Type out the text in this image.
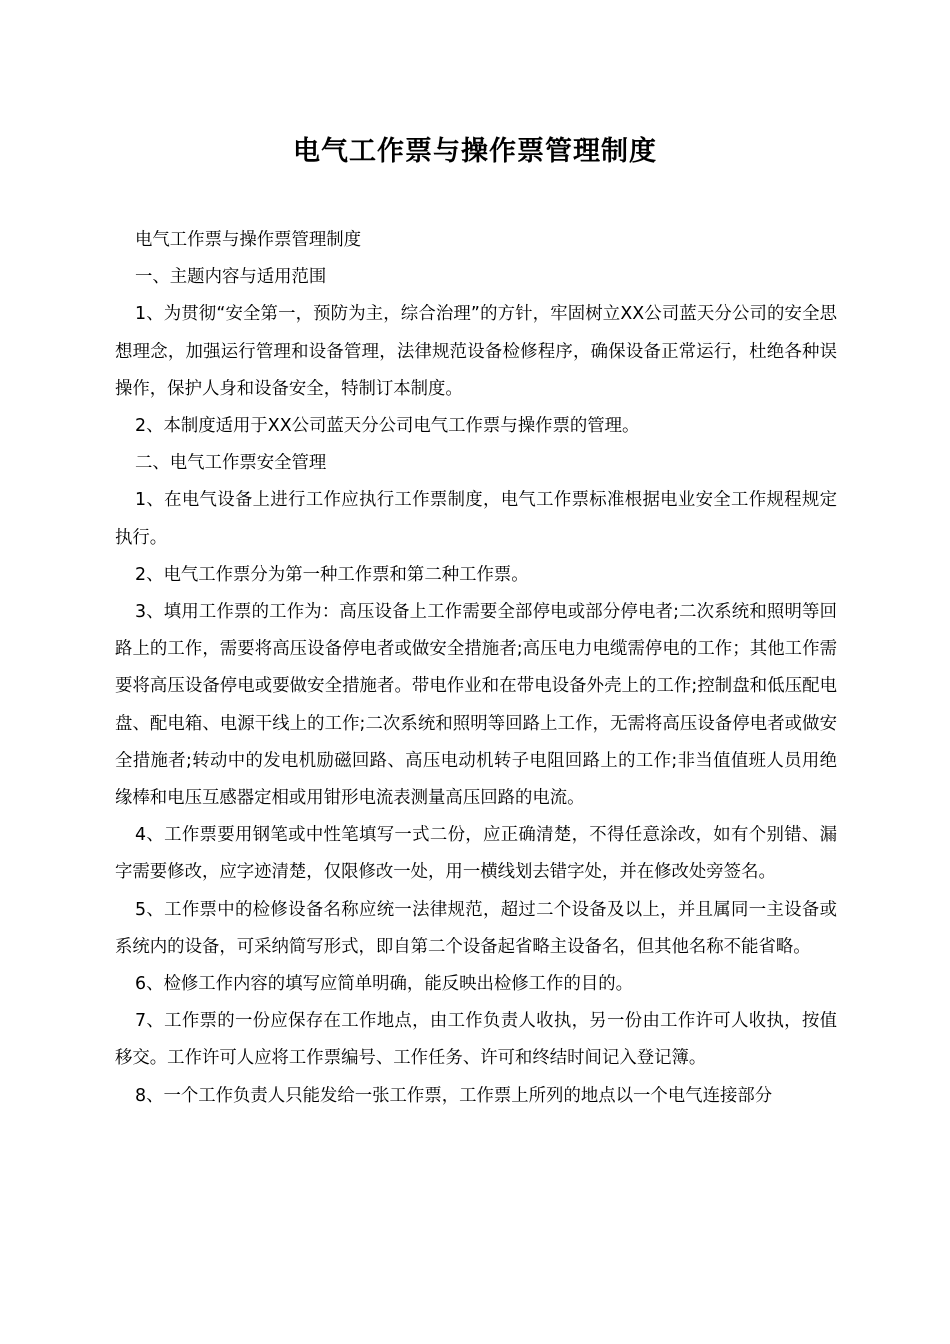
电气工作票与操作票管理制度

电气工作票与操作票管理制度

一、主题内容与适用范围

1、为贯彻“安全第一，预防为主，综合治理”的方针，牢固树立XX公司蓝天分公司的安全思想理念，加强运行管理和设备管理，法律规范设备检修程序，确保设备正常运行，杜绝各种误操作，保护人身和设备安全，特制订本制度。

2、本制度适用于XX公司蓝天分公司电气工作票与操作票的管理。

二、电气工作票安全管理

1、在电气设备上进行工作应执行工作票制度，电气工作票标准根据电业安全工作规程规定执行。

2、电气工作票分为第一种工作票和第二种工作票。

3、填用工作票的工作为：高压设备上工作需要全部停电或部分停电者;二次系统和照明等回路上的工作，需要将高压设备停电者或做安全措施者;高压电力电缆需停电的工作；其他工作需要将高压设备停电或要做安全措施者。带电作业和在带电设备外壳上的工作;控制盘和低压配电盘、配电箱、电源干线上的工作;二次系统和照明等回路上工作，无需将高压设备停电者或做安全措施者;转动中的发电机励磁回路、高压电动机转子电阻回路上的工作;非当值值班人员用绝缘棒和电压互感器定相或用钳形电流表测量高压回路的电流。

4、工作票要用钢笔或中性笔填写一式二份，应正确清楚，不得任意涂改，如有个别错、漏字需要修改，应字迹清楚，仅限修改一处，用一横线划去错字处，并在修改处旁签名。

5、工作票中的检修设备名称应统一法律规范，超过二个设备及以上，并且属同一主设备或系统内的设备，可采纳简写形式，即自第二个设备起省略主设备名，但其他名称不能省略。

6、检修工作内容的填写应简单明确，能反映出检修工作的目的。

7、工作票的一份应保存在工作地点，由工作负责人收执，另一份由工作许可人收执，按值移交。工作许可人应将工作票编号、工作任务、许可和终结时间记入登记簿。

8、一个工作负责人只能发给一张工作票，工作票上所列的地点以一个电气连接部分
